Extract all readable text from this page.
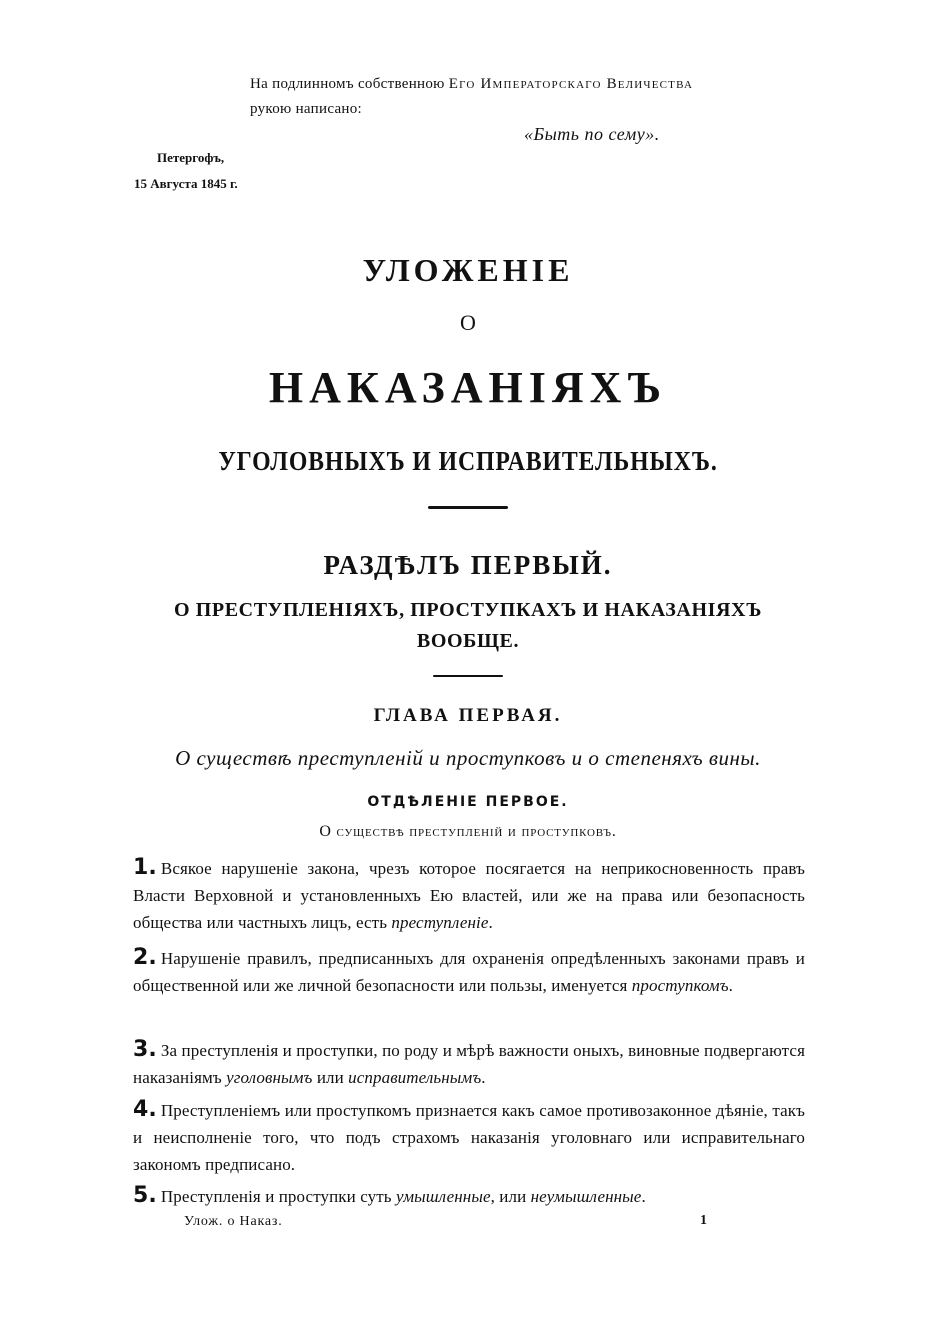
На подлинномъ собственною Его Императорскаго Величества
рукою написано:
«Быть по сему».
Петергофъ,
15 Августа 1845 г.
УЛОЖЕНІЕ
О
НАКАЗАНІЯХЪ
УГОЛОВНЫХЪ И ИСПРАВИТЕЛЬНЫХЪ.
РАЗДѢЛЪ ПЕРВЫЙ.
О ПРЕСТУПЛЕНІЯХЪ, ПРОСТУПКАХЪ И НАКАЗАНІЯХЪ
ВООБЩЕ.
ГЛАВА ПЕРВАЯ.
О существѣ преступленій и проступковъ и о степеняхъ вины.
ОТДѢЛЕНІЕ ПЕРВОЕ.
О существѣ преступленій и проступковъ.
1. Всякое нарушеніе закона, чрезъ которое посягается на неприкосновенность правъ Власти Верховной и установленныхъ Ею властей, или же на права или безопасность общества или частныхъ лицъ, есть преступленіе.
2. Нарушеніе правилъ, предписанныхъ для охраненія опредѣленныхъ законами правъ и общественной или же личной безопасности или пользы, именуется проступкомъ.
3. За преступленія и проступки, по роду и мѣрѣ важности оныхъ, виновные подвергаются наказаніямъ уголовнымъ или исправительнымъ.
4. Преступленіемъ или проступкомъ признается какъ самое противозаконное дѣяніе, такъ и неисполненіе того, что подъ страхомъ наказанія уголовнаго или исправительнаго закономъ предписано.
5. Преступленія и проступки суть умышленные, или неумышленные.
Улож. о Наказ.	1
